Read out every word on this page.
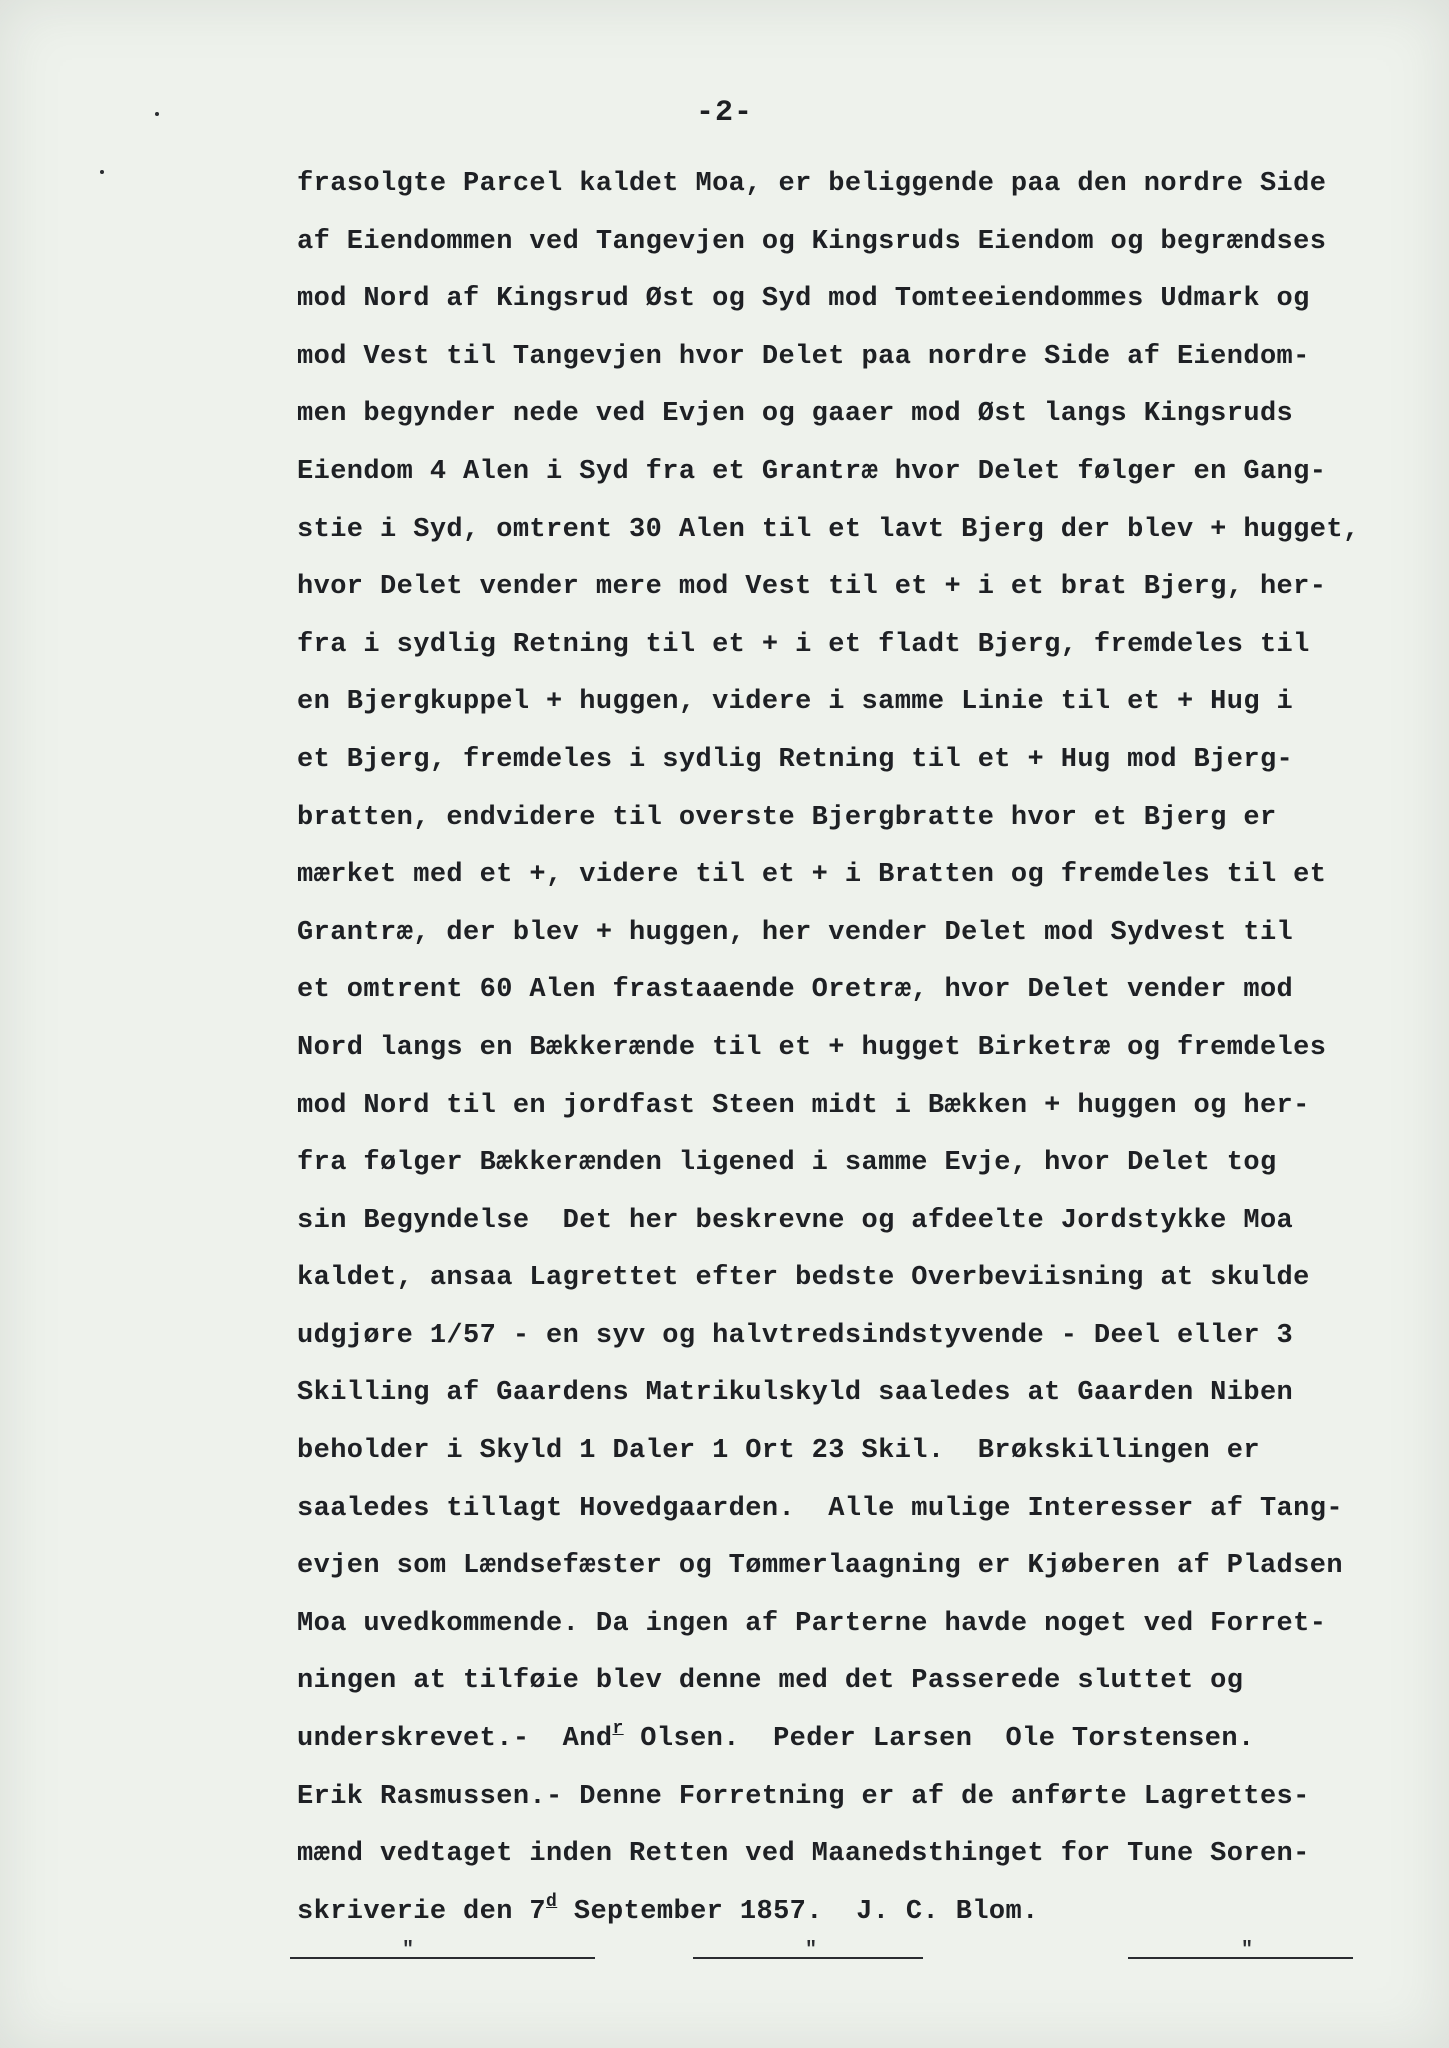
-2-
frasolgte Parcel kaldet Moa, er beliggende paa den nordre Side
af Eiendommen ved Tangevjen og Kingsruds Eiendom og begrændses
mod Nord af Kingsrud Øst og Syd mod Tomteeiendommes Udmark og
mod Vest til Tangevjen hvor Delet paa nordre Side af Eiendom-
men begynder nede ved Evjen og gaaer mod Øst langs Kingsruds
Eiendom 4 Alen i Syd fra et Grantræ hvor Delet følger en Gang-
stie i Syd, omtrent 30 Alen til et lavt Bjerg der blev + hugget,
hvor Delet vender mere mod Vest til et + i et brat Bjerg, her-
fra i sydlig Retning til et + i et fladt Bjerg, fremdeles til
en Bjergkuppel + huggen, videre i samme Linie til et + Hug i
et Bjerg, fremdeles i sydlig Retning til et + Hug mod Bjerg-
bratten, endvidere til overste Bjergbratte hvor et Bjerg er
mærket med et +, videre til et + i Bratten og fremdeles til et
Grantræ, der blev + huggen, her vender Delet mod Sydvest til
et omtrent 60 Alen frastaaende Oretræ, hvor Delet vender mod
Nord langs en Bækkerænde til et + hugget Birketræ og fremdeles
mod Nord til en jordfast Steen midt i Bækken + huggen og her-
fra følger Bækkerænden ligened i samme Evje, hvor Delet tog
sin Begyndelse  Det her beskrevne og afdeelte Jordstykke Moa
kaldet, ansaa Lagrettet efter bedste Overbeviisning at skulde
udgjøre 1/57 - en syv og halvtredsindstyvende - Deel eller 3
Skilling af Gaardens Matrikulskyld saaledes at Gaarden Niben
beholder i Skyld 1 Daler 1 Ort 23 Skil.  Brøkskillingen er
saaledes tillagt Hovedgaarden.  Alle mulige Interesser af Tang-
evjen som Lændsefæster og Tømmerlaagning er Kjøberen af Pladsen
Moa uvedkommende. Da ingen af Parterne havde noget ved Forret-
ningen at tilføie blev denne med det Passerede sluttet og
underskrevet.-  And$^r$ Olsen.  Peder Larsen  Ole Torstensen.
Erik Rasmussen.- Denne Forretning er af de anførte Lagrettes-
mænd vedtaget inden Retten ved Maanedsthinget for Tune Soren-
skriverie den 7$^d$ September 1857.  J. C. Blom.
"	"	"
